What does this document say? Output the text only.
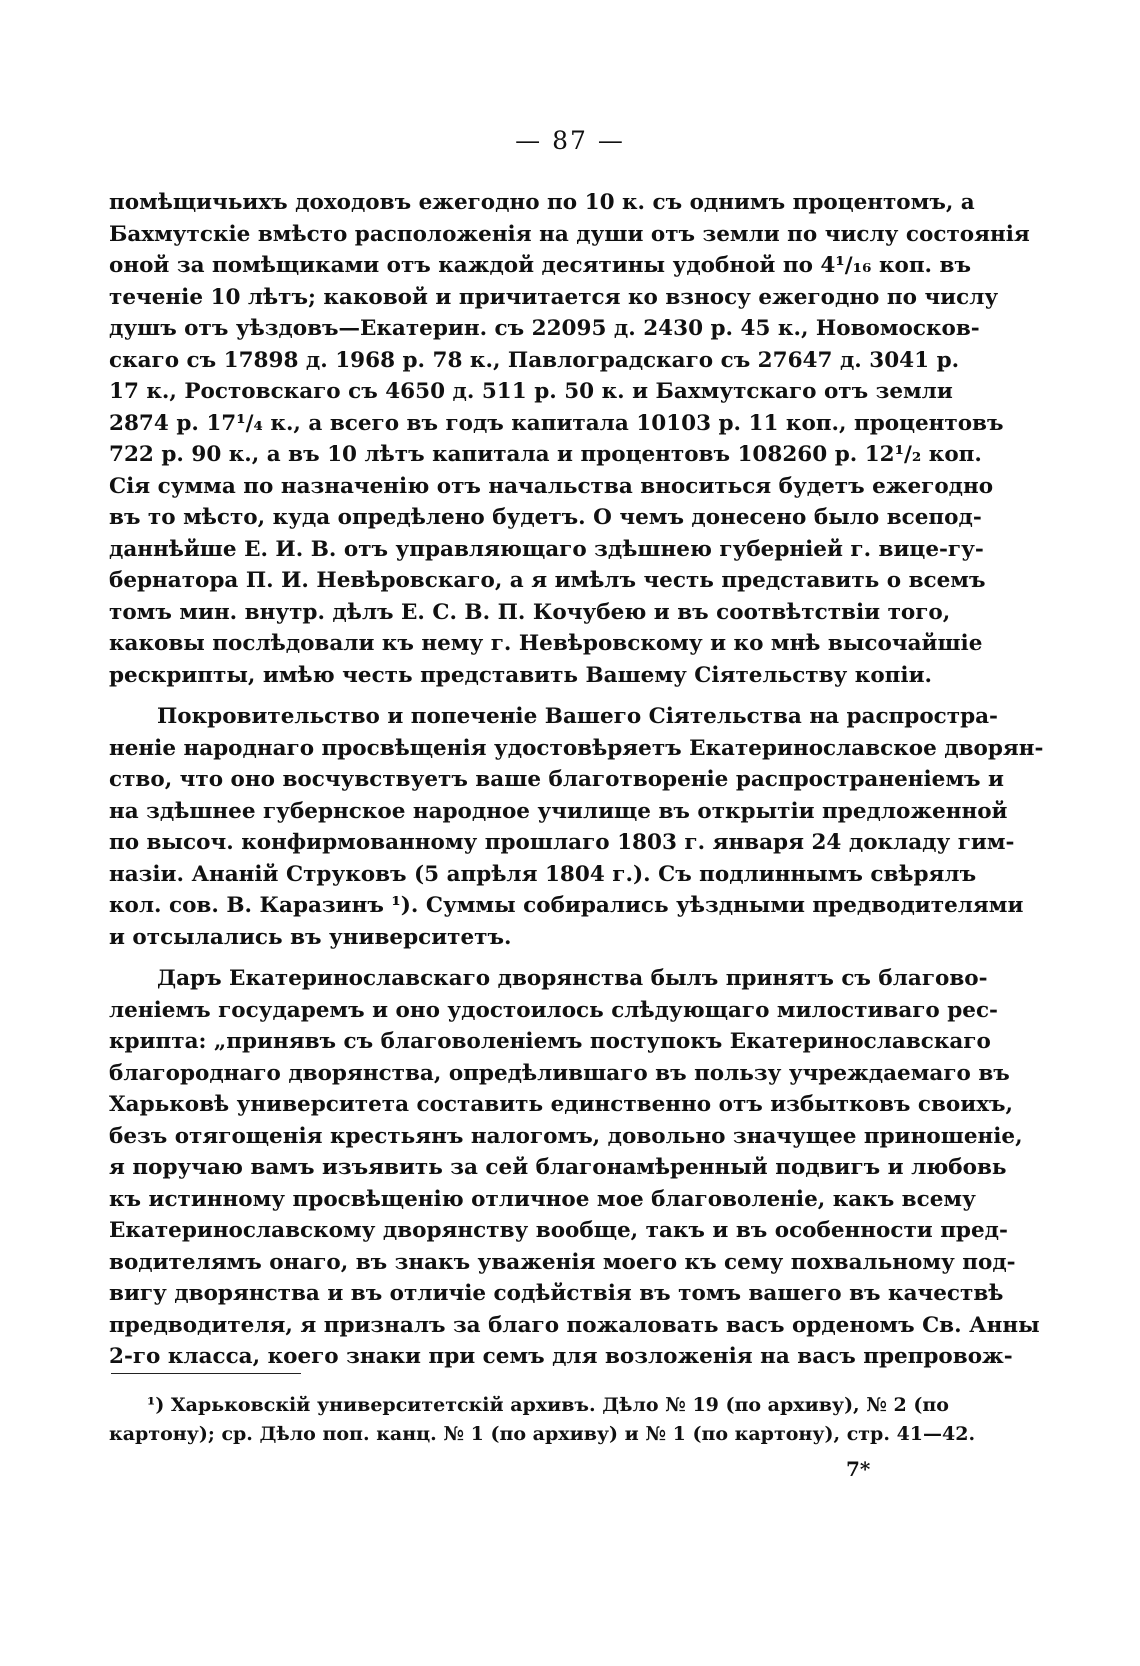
— 87 —
помѣщичьихъ доходовъ ежегодно по 10 к. съ однимъ процентомъ, а
Бахмутскіе вмѣсто расположенія на души отъ земли по числу состоянія
оной за помѣщиками отъ каждой десятины удобной по 4¹/₁₆ коп. въ
теченіе 10 лѣтъ; каковой и причитается ко взносу ежегодно по числу
душъ отъ уѣздовъ—Екатерин. съ 22095 д. 2430 р. 45 к., Новомосков-
скаго съ 17898 д. 1968 р. 78 к., Павлоградскаго съ 27647 д. 3041 р.
17 к., Ростовскаго съ 4650 д. 511 р. 50 к. и Бахмутскаго отъ земли
2874 р. 17¹/₄ к., а всего въ годъ капитала 10103 р. 11 коп., процентовъ
722 р. 90 к., а въ 10 лѣтъ капитала и процентовъ 108260 р. 12¹/₂ коп.
Сія сумма по назначенію отъ начальства вноситься будетъ ежегодно
въ то мѣсто, куда опредѣлено будетъ. О чемъ донесено было всепод-
даннѣйше Е. И. В. отъ управляющаго здѣшнею губерніей г. вице-гу-
бернатора П. И. Невѣровскаго, а я имѣлъ честь представить о всемъ
томъ мин. внутр. дѣлъ Е. С. В. П. Кочубею и въ соотвѣтствіи того,
каковы послѣдовали къ нему г. Невѣровскому и ко мнѣ высочайшіе
рескрипты, имѣю честь представить Вашему Сіятельству копіи.
Покровительство и попеченіе Вашего Сіятельства на распростра-
неніе народнаго просвѣщенія удостовѣряетъ Екатеринославское дворян-
ство, что оно восчувствуетъ ваше благотвореніе распространеніемъ и
на здѣшнее губернское народное училище въ открытіи предложенной
по высоч. конфирмованному прошлаго 1803 г. января 24 докладу гим-
назіи. Ананій Струковъ (5 апрѣля 1804 г.). Съ подлиннымъ свѣрялъ
кол. сов. В. Каразинъ ¹). Суммы собирались уѣздными предводителями
и отсылались въ университетъ.
Даръ Екатеринославскаго дворянства былъ принятъ съ благово-
леніемъ государемъ и оно удостоилось слѣдующаго милостиваго рес-
крипта: „принявъ съ благоволеніемъ поступокъ Екатеринославскаго
благороднаго дворянства, опредѣлившаго въ пользу учреждаемаго въ
Харьковѣ университета составить единственно отъ избытковъ своихъ,
безъ отягощенія крестьянъ налогомъ, довольно значущее приношеніе,
я поручаю вамъ изъявить за сей благонамѣренный подвигъ и любовь
къ истинному просвѣщенію отличное мое благоволеніе, какъ всему
Екатеринославскому дворянству вообще, такъ и въ особенности пред-
водителямъ онаго, въ знакъ уваженія моего къ сему похвальному под-
вигу дворянства и въ отличіе содѣйствія въ томъ вашего въ качествѣ
предводителя, я призналъ за благо пожаловать васъ орденомъ Св. Анны
2-го класса, коего знаки при семъ для возложенія на васъ препровож-
¹) Харьковскій университетскій архивъ. Дѣло № 19 (по архиву), № 2 (по
картону); ср. Дѣло поп. канц. № 1 (по архиву) и № 1 (по картону), стр. 41—42.
7*
